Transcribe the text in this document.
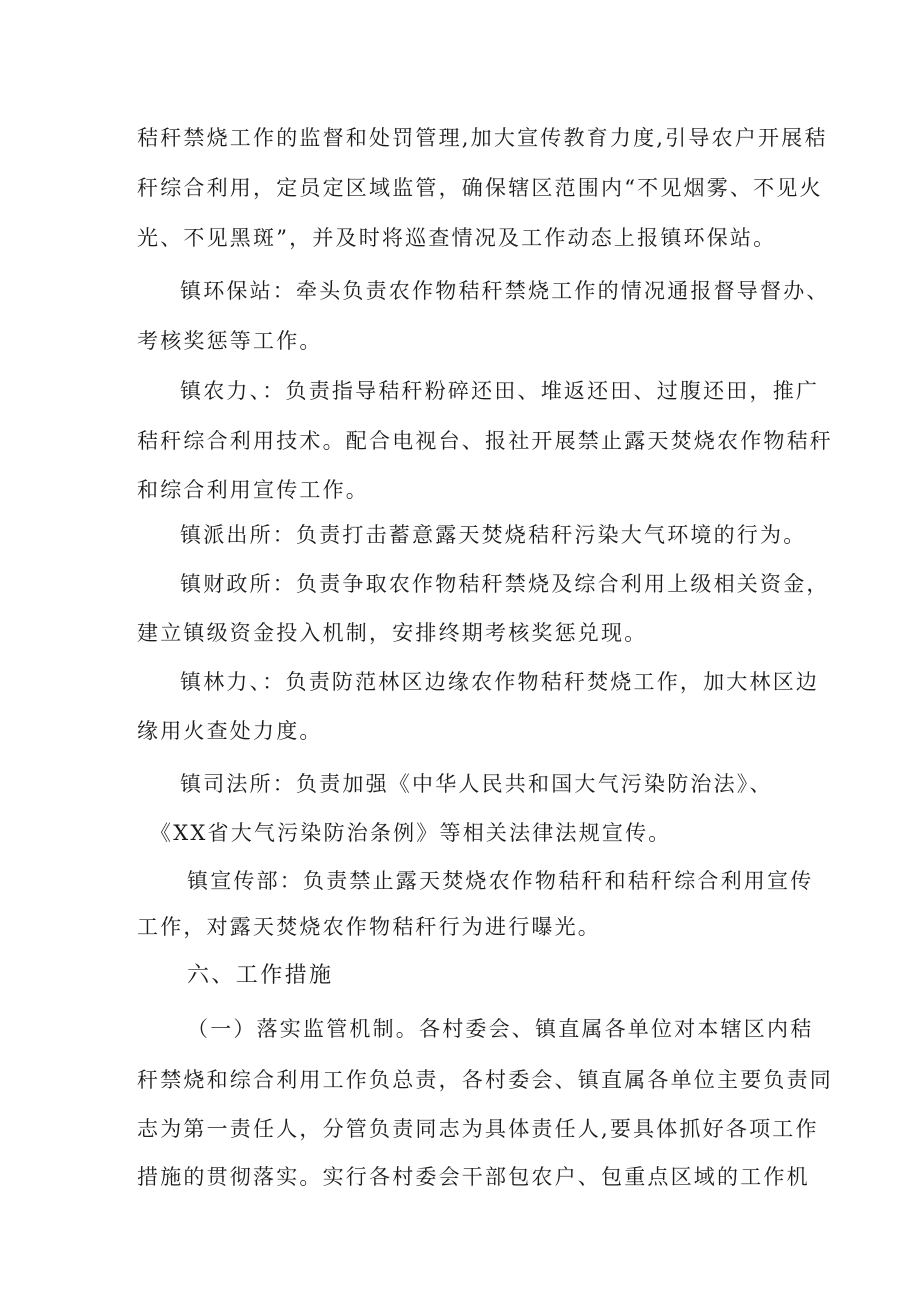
秸秆禁烧工作的监督和处罚管理,加大宣传教育力度,引导农户开展秸
秆综合利用，定员定区域监管，确保辖区范围内“不见烟雾、不见火
光、不见黑斑”，并及时将巡查情况及工作动态上报镇环保站。
镇环保站：牵头负责农作物秸秆禁烧工作的情况通报督导督办、
考核奖惩等工作。
镇农力、：负责指导秸秆粉碎还田、堆返还田、过腹还田，推广
秸秆综合利用技术。配合电视台、报社开展禁止露天焚烧农作物秸秆
和综合利用宣传工作。
镇派出所：负责打击蓄意露天焚烧秸秆污染大气环境的行为。
镇财政所：负责争取农作物秸秆禁烧及综合利用上级相关资金，
建立镇级资金投入机制，安排终期考核奖惩兑现。
镇林力、：负责防范林区边缘农作物秸秆焚烧工作，加大林区边
缘用火查处力度。
镇司法所：负责加强《中华人民共和国大气污染防治法》、
《XX省大气污染防治条例》等相关法律法规宣传。
镇宣传部：负责禁止露天焚烧农作物秸秆和秸秆综合利用宣传
工作，对露天焚烧农作物秸秆行为进行曝光。
六、工作措施
（一）落实监管机制。各村委会、镇直属各单位对本辖区内秸
秆禁烧和综合利用工作负总责，各村委会、镇直属各单位主要负责同
志为第一责任人，分管负责同志为具体责任人,要具体抓好各项工作
措施的贯彻落实。实行各村委会干部包农户、包重点区域的工作机
